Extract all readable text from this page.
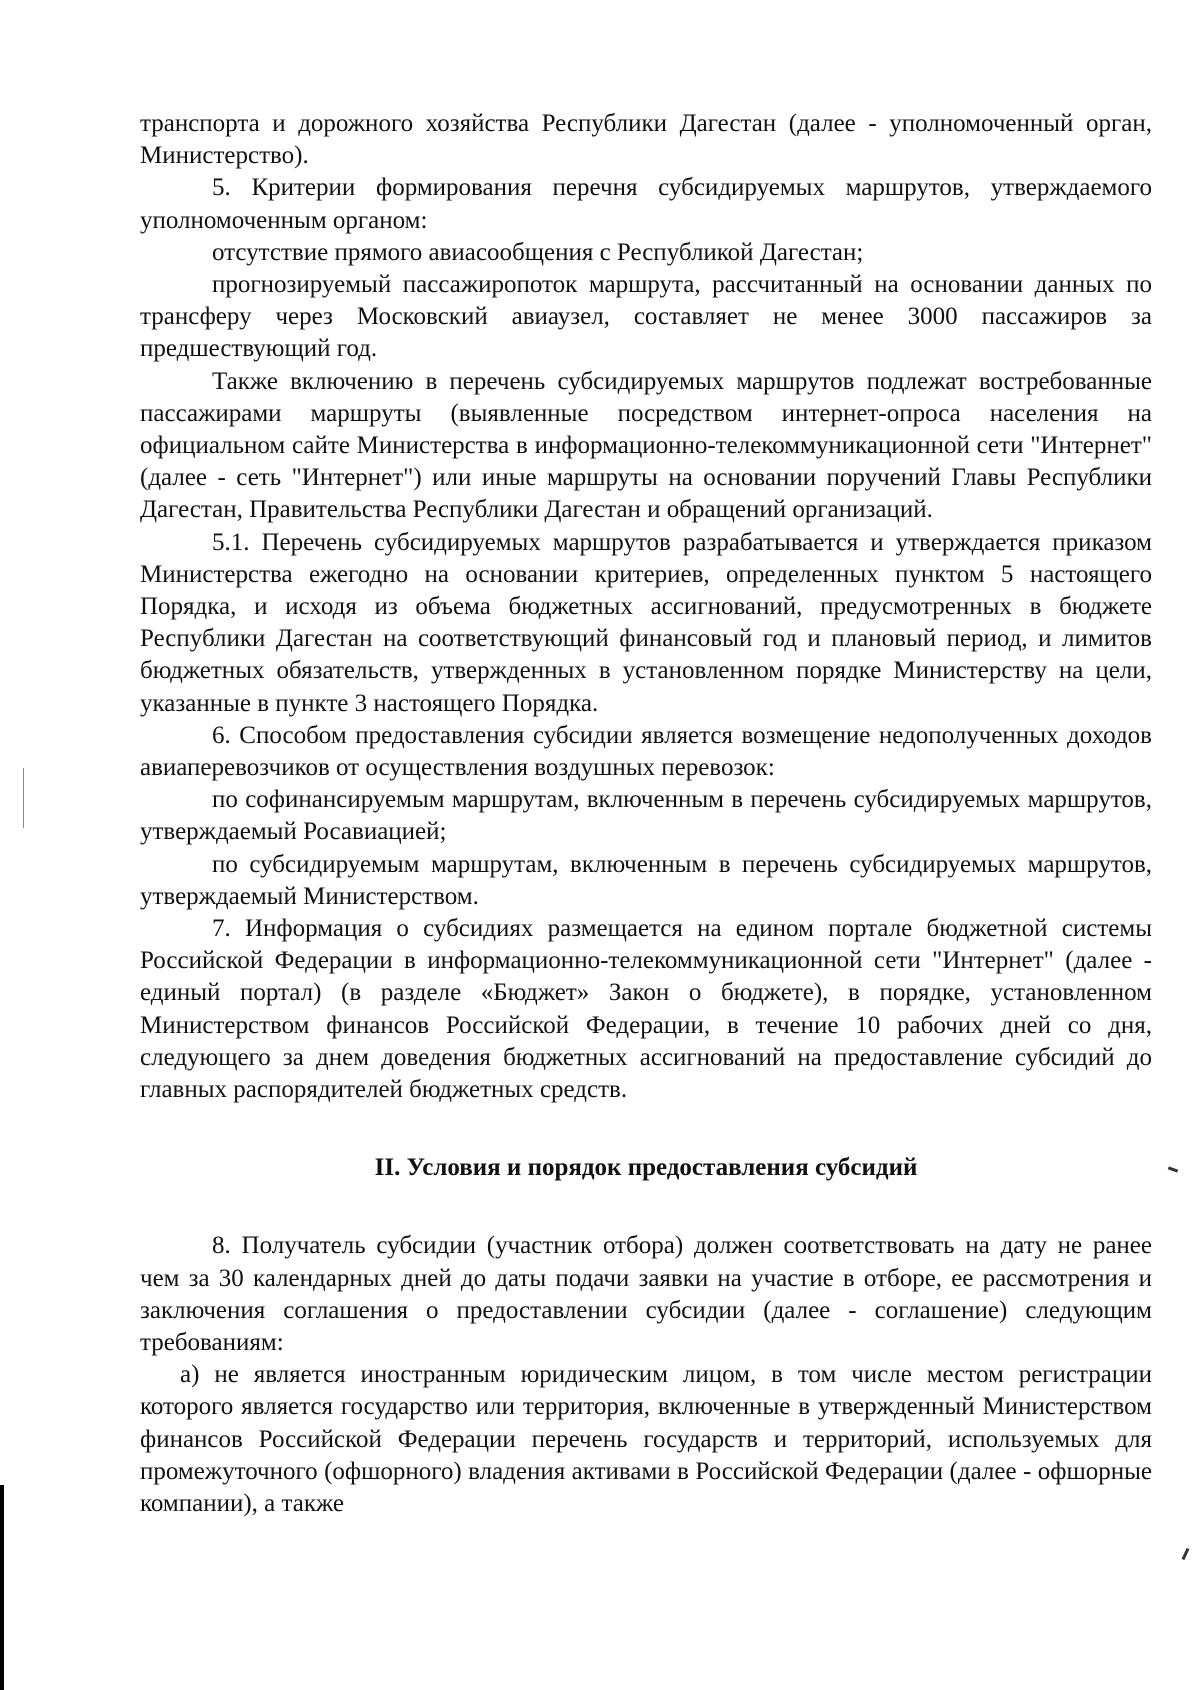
транспорта и дорожного хозяйства Республики Дагестан (далее - уполномоченный орган, Министерство).

5. Критерии формирования перечня субсидируемых маршрутов, утверждаемого уполномоченным органом:

отсутствие прямого авиасообщения с Республикой Дагестан;

прогнозируемый пассажиропоток маршрута, рассчитанный на основании данных по трансферу через Московский авиаузел, составляет не менее 3000 пассажиров за предшествующий год.

Также включению в перечень субсидируемых маршрутов подлежат востребованные пассажирами маршруты (выявленные посредством интернет-опроса населения на официальном сайте Министерства в информационно-телекоммуникационной сети "Интернет" (далее - сеть "Интернет") или иные маршруты на основании поручений Главы Республики Дагестан, Правительства Республики Дагестан и обращений организаций.

5.1. Перечень субсидируемых маршрутов разрабатывается и утверждается приказом Министерства ежегодно на основании критериев, определенных пунктом 5 настоящего Порядка, и исходя из объема бюджетных ассигнований, предусмотренных в бюджете Республики Дагестан на соответствующий финансовый год и плановый период, и лимитов бюджетных обязательств, утвержденных в установленном порядке Министерству на цели, указанные в пункте 3 настоящего Порядка.

6. Способом предоставления субсидии является возмещение недополученных доходов авиаперевозчиков от осуществления воздушных перевозок:

по софинансируемым маршрутам, включенным в перечень субсидируемых маршрутов, утверждаемый Росавиацией;

по субсидируемым маршрутам, включенным в перечень субсидируемых маршрутов, утверждаемый Министерством.

7. Информация о субсидиях размещается на едином портале бюджетной системы Российской Федерации в информационно-телекоммуникационной сети "Интернет" (далее - единый портал) (в разделе «Бюджет» Закон о бюджете), в порядке, установленном Министерством финансов Российской Федерации, в течение 10 рабочих дней со дня, следующего за днем доведения бюджетных ассигнований на предоставление субсидий до главных распорядителей бюджетных средств.

II. Условия и порядок предоставления субсидий

8. Получатель субсидии (участник отбора) должен соответствовать на дату не ранее чем за 30 календарных дней до даты подачи заявки на участие в отборе, ее рассмотрения и заключения соглашения о предоставлении субсидии (далее - соглашение) следующим требованиям:

а) не является иностранным юридическим лицом, в том числе местом регистрации которого является государство или территория, включенные в утвержденный Министерством финансов Российской Федерации перечень государств и территорий, используемых для промежуточного (офшорного) владения активами в Российской Федерации (далее - офшорные компании), а также
